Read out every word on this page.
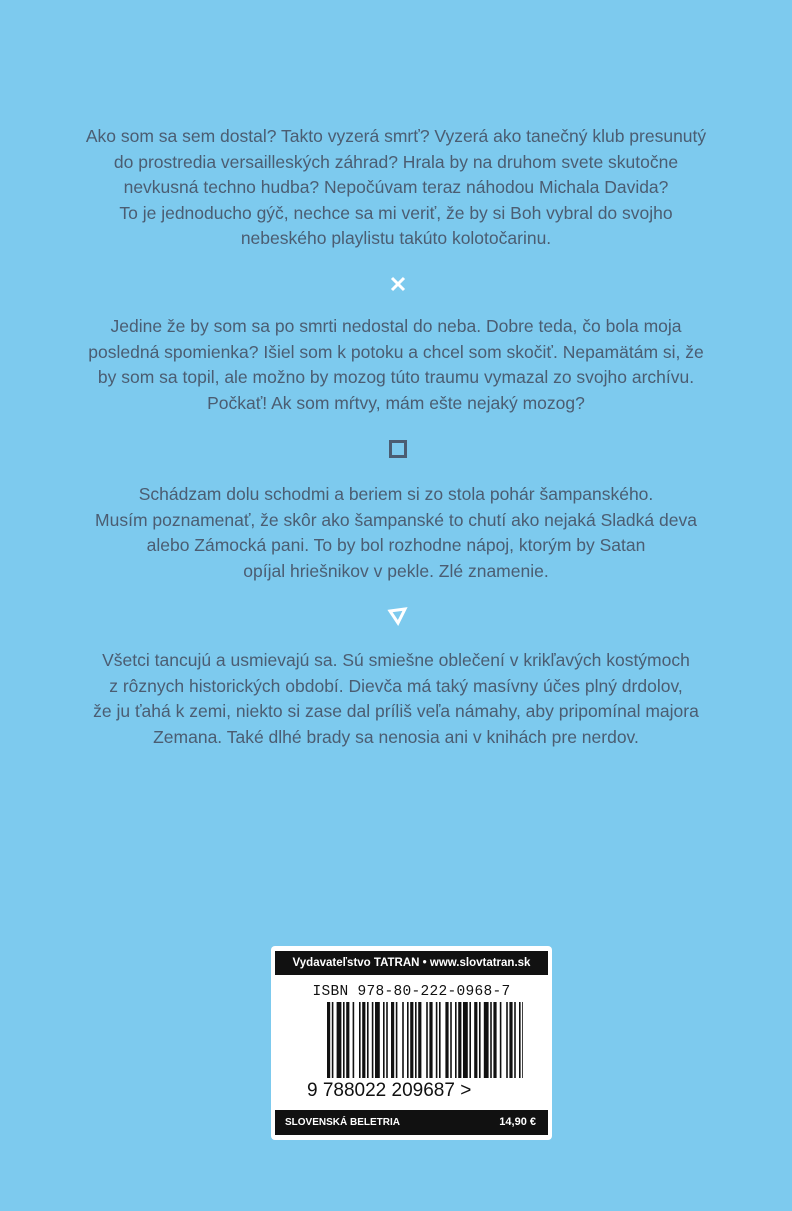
Ako som sa sem dostal? Takto vyzerá smrť? Vyzerá ako tanečný klub presunutý
do prostredia versailleských záhrad? Hrala by na druhom svete skutočne
nevkusná techno hudba? Nepočúvam teraz náhodou Michala Davida?
To je jednoducho gýč, nechce sa mi veriť, že by si Boh vybral do svojho
nebeského playlistu takúto kolotočarinu.

Jedine že by som sa po smrti nedostal do neba. Dobre teda, čo bola moja
posledná spomienka? Išiel som k potoku a chcel som skočiť. Nepamätám si, že
by som sa topil, ale možno by mozog túto traumu vymazal zo svojho archívu.
Počkať! Ak som mŕtvy, mám ešte nejaký mozog?

Schádzam dolu schodmi a beriem si zo stola pohár šampanského.
Musím poznamenať, že skôr ako šampanské to chutí ako nejaká Sladká deva
alebo Zámocká pani. To by bol rozhodne nápoj, ktorým by Satan
opíjal hriešnikov v pekle. Zlé znamenie.

Všetci tancujú a usmievajú sa. Sú smiešne oblečení v krikľavých kostýmoch
z rôznych historických období. Dievča má taký masívny účes plný drdolov,
že ju ťahá k zemi, niekto si zase dal príliš veľa námahy, aby pripomínal majora
Zemana. Také dlhé brady sa nenosia ani v knihách pre nerdov.

Vydavateľstvo TATRAN • www.slovtatran.sk
ISBN 978-80-222-0968-7
9 788022 209687 >
SLOVENSKÁ BELETRIA	14,90 €
